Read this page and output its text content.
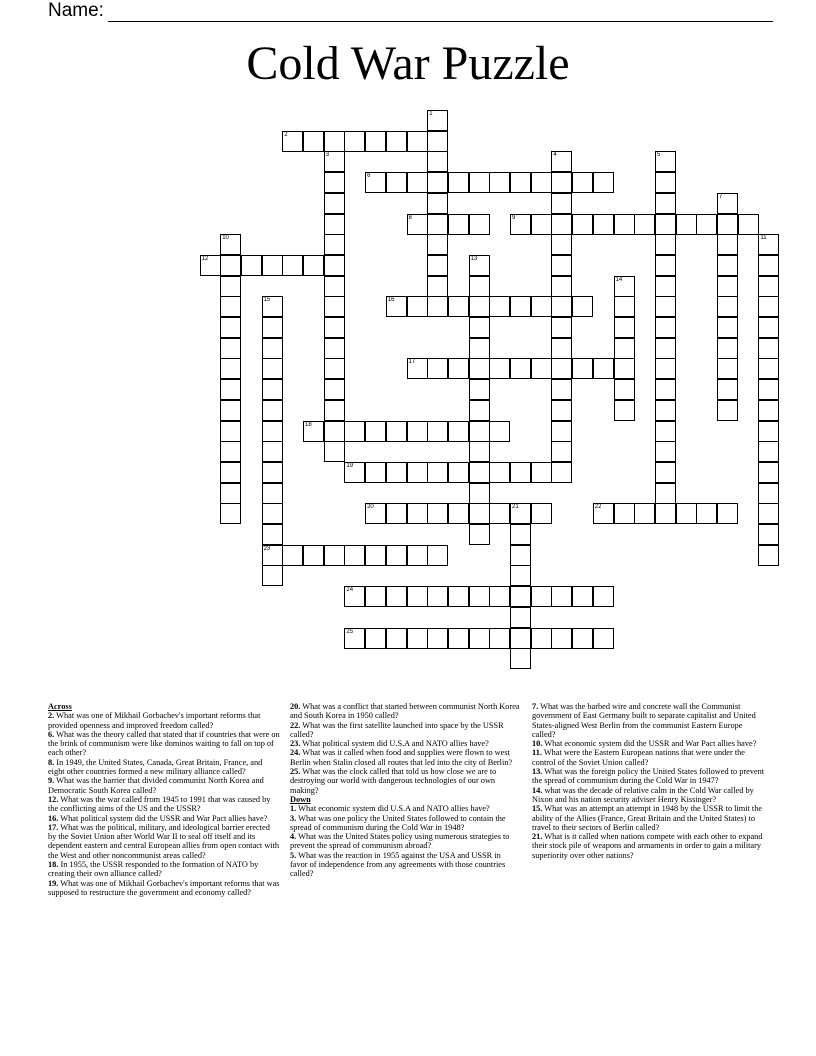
Name:
Cold War Puzzle
2
6
8	9
12
16
17
18
19
20	21	22
23
24
25
1
3	4	5
7
10	11
13
14
15
Across
2. What was one of Mikhail Gorbachev's important reforms that provided openness and improved freedom called?
6. What was the theory called that stated that if countries that were on the brink of communism were like dominos waiting to fall on top of each other?
8. In 1949, the United States, Canada, Great Britain, France, and eight other countries formed a new military alliance called?
9. What was the barrier that divided communist North Korea and Democratic South Korea called?
12. What was the war called from 1945 to 1991 that was caused by the conflicting aims of the US and the USSR?
16. What political system did the USSR and War Pact allies have?
17. What was the political, military, and ideological barrier erected by the Soviet Union after World War II to seal off itself and its dependent eastern and central European allies from open contact with the West and other noncommunist areas called?
18. In 1955, the USSR responded to the formation of NATO by creating their own alliance called?
19. What was one of Mikhail Gorbachev's important reforms that was supposed to restructure the government and economy called?
20. What was a conflict that started between communist North Korea and South Korea in 1950 called?
22. What was the first satellite launched into space by the USSR called?
23. What political system did U.S.A and NATO allies have?
24. What was it called when food and supplies were flown to west Berlin when Stalin closed all routes that led into the city of Berlin?
25. What was the clock called that told us how close we are to destroying our world with dangerous technologies of our own making?
Down
1. What economic system did U.S.A and NATO allies have?
3. What was one policy the United States followed to contain the spread of communism during the Cold War in 1948?
4. What was the United States policy using numerous strategies to prevent the spread of communism abroad?
5. What was the reaction in 1955 against the USA and USSR in favor of independence from any agreements with those countries called?
7. What was the barbed wire and concrete wall the Communist government of East Germany built to separate capitalist and United States-aligned West Berlin from the communist Eastern Europe called?
10. What economic system did the USSR and War Pact allies have?
11. What were the Eastern European nations that were under the control of the Soviet Union called?
13. What was the foreign policy the United States followed to prevent the spread of communism during the Cold War in 1947?
14. what was the decade of relative calm in the Cold War called by Nixon and his nation security adviser Henry Kissinger?
15. What was an attempt an attempt in 1948 by the USSR to limit the ability of the Allies (France, Great Britain and the United States) to travel to their sectors of Berlin called?
21. What is it called when nations compete with each other to expand their stock pile of weapons and armaments in order to gain a military superiority over other nations?
